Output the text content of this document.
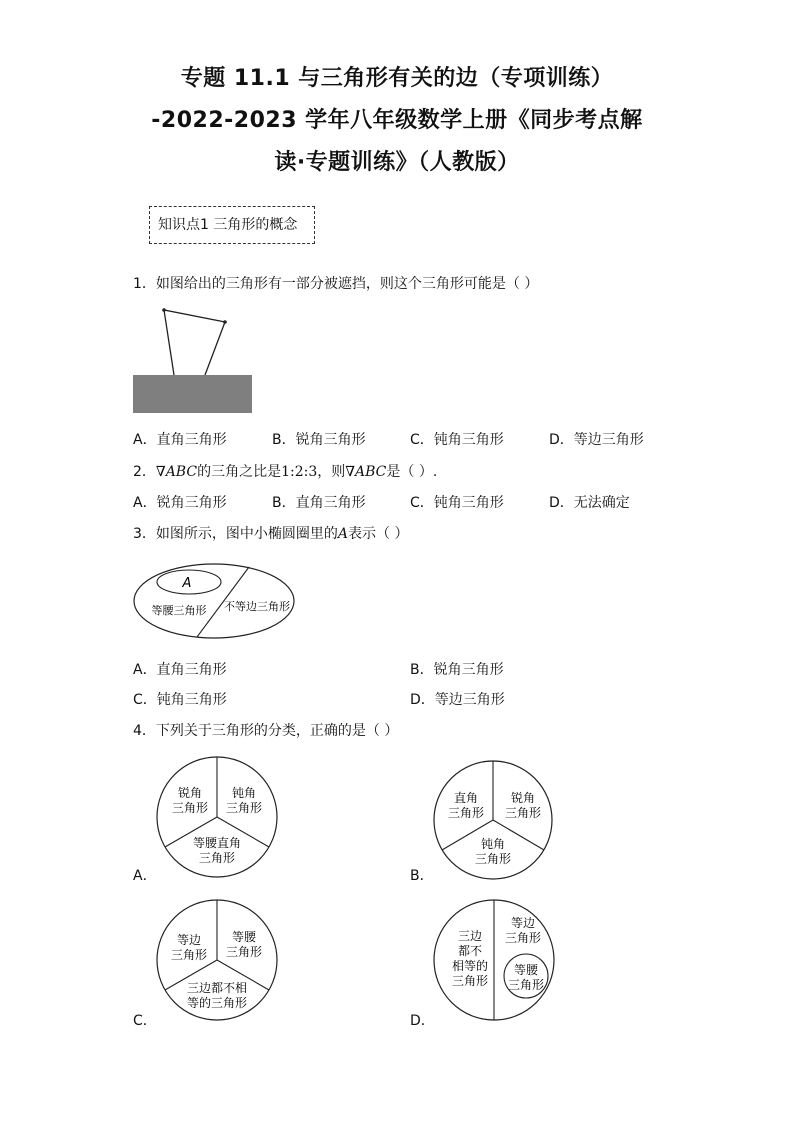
专题 11.1 与三角形有关的边（专项训练）
-2022-2023 学年八年级数学上册《同步考点解
读·专题训练》（人教版）
知识点1 三角形的概念
1．如图给出的三角形有一部分被遮挡，则这个三角形可能是（ ）
A．直角三角形	B．锐角三角形	C．钝角三角形	D．等边三角形
2．∇ABC的三角之比是1:2:3，则∇ABC是（ ）.
A．锐角三角形	B．直角三角形	C．钝角三角形	D．无法确定
3．如图所示，图中小椭圆圈里的A表示（ ）
A
等腰三角形 不等边三角形
A．直角三角形	B．锐角三角形
C．钝角三角形	D．等边三角形
4．下列关于三角形的分类，正确的是（ ）
锐角
三角形
钝角
三角形
等腰直角
三角形
A．
直角
三角形
锐角
三角形
钝角
三角形
B．
等边
三角形
等腰
三角形
三边都不相
等的三角形
C．
三边
都不
相等的
三角形
等边
三角形
等腰
三角形
D．
